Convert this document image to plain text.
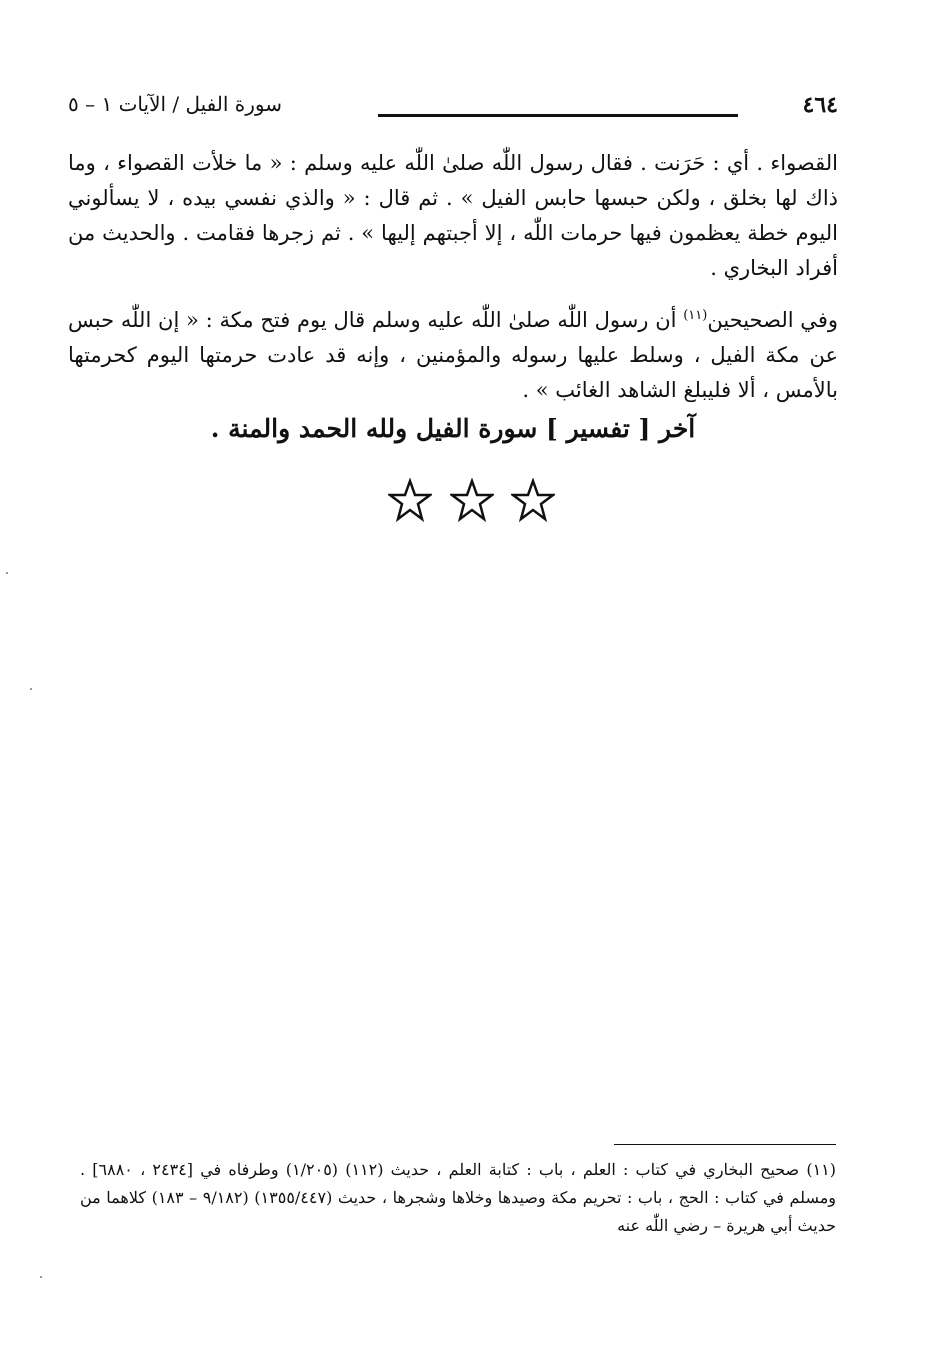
سورة الفيل / الآيات ١ – ٥	٤٦٤

القصواء . أي : حَرَنت . فقال رسول اللّٰه صلىٰ اللّٰه عليه وسلم : « ما خلأت القصواء ، وما ذاك لها بخلق ، ولكن حبسها حابس الفيل » . ثم قال : « والذي نفسي بيده ، لا يسألوني اليوم خطة يعظمون فيها حرمات اللّٰه ، إلا أجبتهم إليها » . ثم زجرها فقامت . والحديث من أفراد البخاري .

وفي الصحيحين$^{(١١)}$ أن رسول اللّٰه صلىٰ اللّٰه عليه وسلم قال يوم فتح مكة : « إن اللّٰه حبس عن مكة الفيل ، وسلط عليها رسوله والمؤمنين ، وإنه قد عادت حرمتها اليوم كحرمتها بالأمس ، ألا فليبلغ الشاهد الغائب » .

آخر [ تفسير ] سورة الفيل ولله الحمد والمنة .

(١١) صحيح البخاري في كتاب : العلم ، باب : كتابة العلم ، حديث (١١٢) (١/٢٠٥) وطرفاه في [٢٤٣٤ ، ٦٨٨٠] . ومسلم في كتاب : الحج ، باب : تحريم مكة وصيدها وخلاها وشجرها ، حديث (١٣٥٥/٤٤٧) (٩/١٨٢ – ١٨٣) كلاهما من حديث أبي هريرة – رضي اللّٰه عنه
